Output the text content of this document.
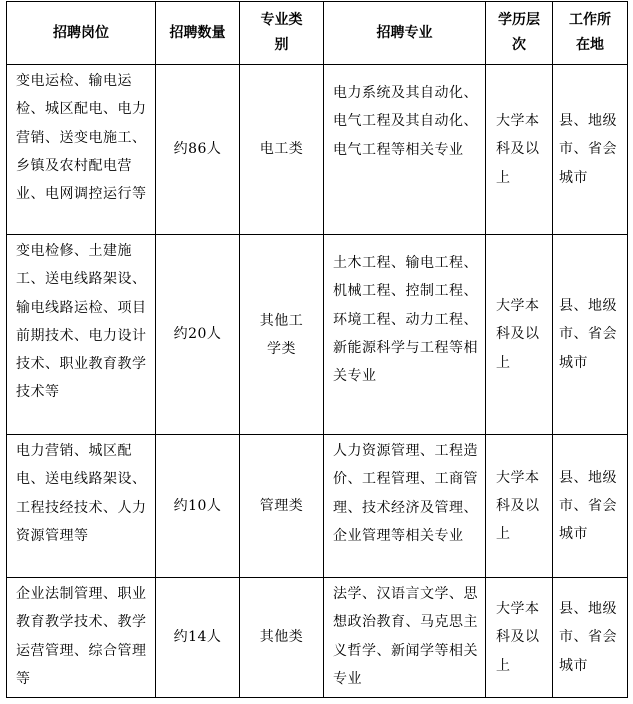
招聘岗位	招聘数量	专业类别	招聘专业	学历层次	工作所在地

变电运检、输电运检、城区配电、电力营销、送变电施工、乡镇及农村配电营业、电网调控运行等	约86人	电工类	电力系统及其自动化、电气工程及其自动化、电气工程等相关专业	大学本科及以上	县、地级市、省会城市

变电检修、土建施工、送电线路架设、输电线路运检、项目前期技术、电力设计技术、职业教育教学技术等	约20人	其他工学类	土木工程、输电工程、机械工程、控制工程、环境工程、动力工程、新能源科学与工程等相关专业	大学本科及以上	县、地级市、省会城市

电力营销、城区配电、送电线路架设、工程技经技术、人力资源管理等	约10人	管理类	人力资源管理、工程造价、工程管理、工商管理、技术经济及管理、企业管理等相关专业	大学本科及以上	县、地级市、省会城市

企业法制管理、职业教育教学技术、教学运营管理、综合管理等	约14人	其他类	法学、汉语言文学、思想政治教育、马克思主义哲学、新闻学等相关专业	大学本科及以上	县、地级市、省会城市
